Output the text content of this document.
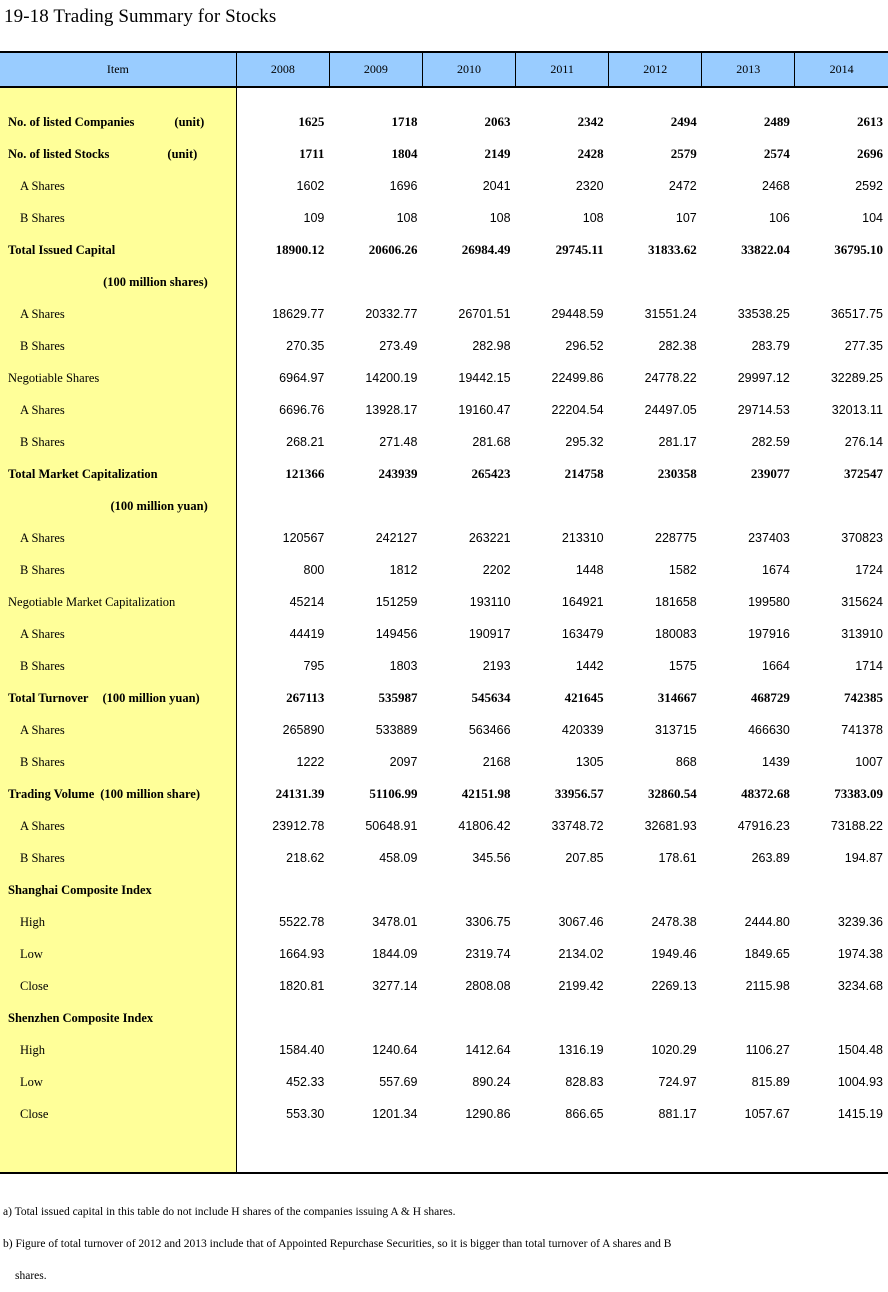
19-18 Trading Summary for Stocks
Item	2008	2009	2010	2011	2012	2013	2014

No. of listed Companies (unit)	1625	1718	2063	2342	2494	2489	2613
No. of listed Stocks (unit)	1711	1804	2149	2428	2579	2574	2696
A Shares	1602	1696	2041	2320	2472	2468	2592
B Shares	109	108	108	108	107	106	104
Total Issued Capital	18900.12	20606.26	26984.49	29745.11	31833.62	33822.04	36795.10
(100 million shares)							
A Shares	18629.77	20332.77	26701.51	29448.59	31551.24	33538.25	36517.75
B Shares	270.35	273.49	282.98	296.52	282.38	283.79	277.35
Negotiable Shares	6964.97	14200.19	19442.15	22499.86	24778.22	29997.12	32289.25
A Shares	6696.76	13928.17	19160.47	22204.54	24497.05	29714.53	32013.11
B Shares	268.21	271.48	281.68	295.32	281.17	282.59	276.14
Total Market Capitalization	121366	243939	265423	214758	230358	239077	372547
(100 million yuan)							
A Shares	120567	242127	263221	213310	228775	237403	370823
B Shares	800	1812	2202	1448	1582	1674	1724
Negotiable Market Capitalization	45214	151259	193110	164921	181658	199580	315624
A Shares	44419	149456	190917	163479	180083	197916	313910
B Shares	795	1803	2193	1442	1575	1664	1714
Total Turnover (100 million yuan)	267113	535987	545634	421645	314667	468729	742385
A Shares	265890	533889	563466	420339	313715	466630	741378
B Shares	1222	2097	2168	1305	868	1439	1007
Trading Volume (100 million share)	24131.39	51106.99	42151.98	33956.57	32860.54	48372.68	73383.09
A Shares	23912.78	50648.91	41806.42	33748.72	32681.93	47916.23	73188.22
B Shares	218.62	458.09	345.56	207.85	178.61	263.89	194.87
Shanghai Composite Index							
High	5522.78	3478.01	3306.75	3067.46	2478.38	2444.80	3239.36
Low	1664.93	1844.09	2319.74	2134.02	1949.46	1849.65	1974.38
Close	1820.81	3277.14	2808.08	2199.42	2269.13	2115.98	3234.68
Shenzhen Composite Index							
High	1584.40	1240.64	1412.64	1316.19	1020.29	1106.27	1504.48
Low	452.33	557.69	890.24	828.83	724.97	815.89	1004.93
Close	553.30	1201.34	1290.86	866.65	881.17	1057.67	1415.19

a) Total issued capital in this table do not include H shares of the companies issuing A & H shares.
b) Figure of total turnover of 2012 and 2013 include that of Appointed Repurchase Securities, so it is bigger than total turnover of A shares and B
shares.
